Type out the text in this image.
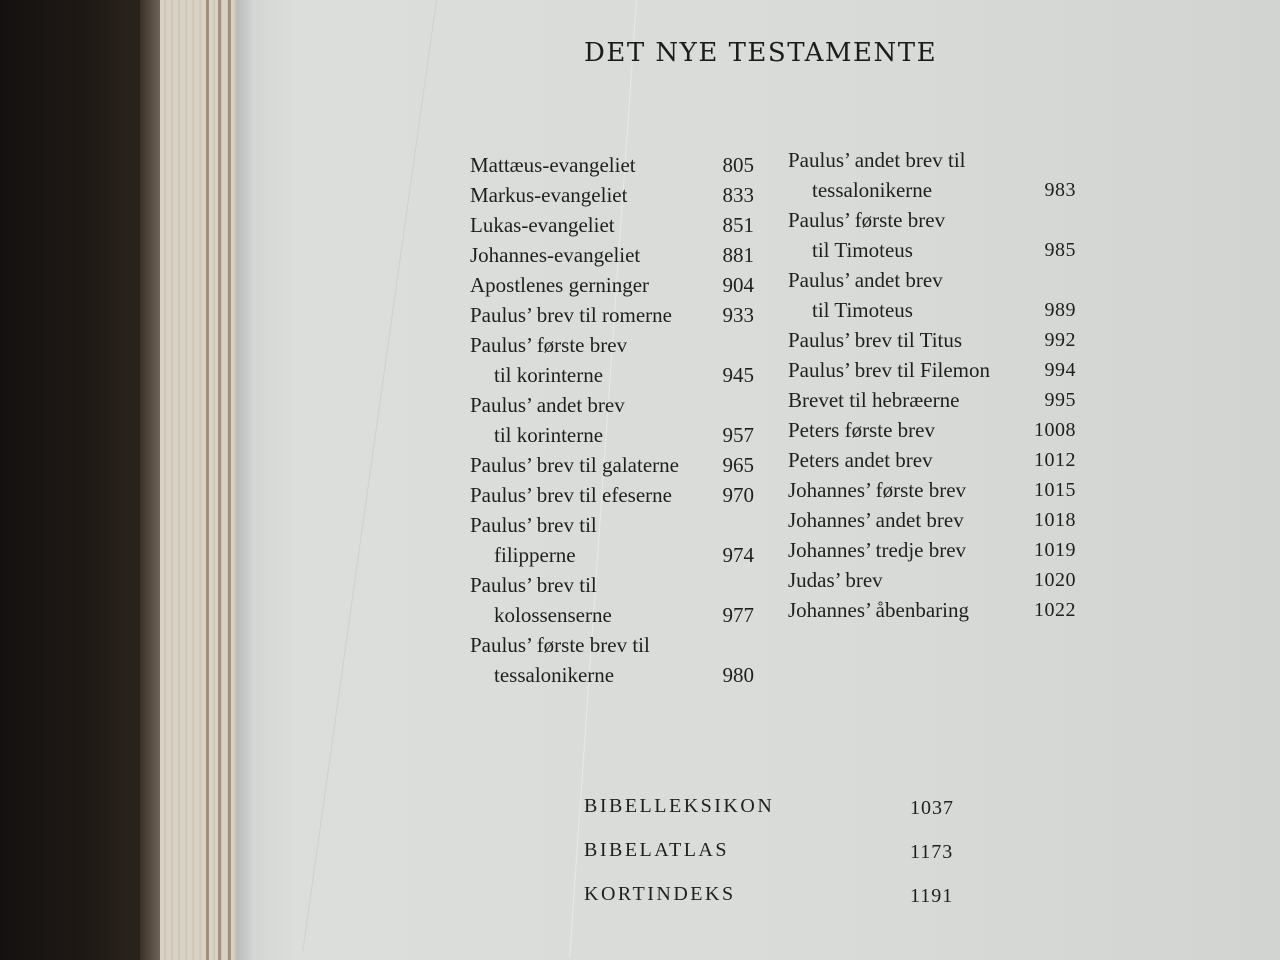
DET NYE TESTAMENTE
Mattæus-evangeliet	805
Markus-evangeliet	833
Lukas-evangeliet	851
Johannes-evangeliet	881
Apostlenes gerninger	904
Paulus’ brev til romerne 933
Paulus’ første brev
til korinterne	945
Paulus’ andet brev
til korinterne	957
Paulus’ brev til galaterne 965
Paulus’ brev til efeserne 970
Paulus’ brev til
filipperne	974
Paulus’ brev til
kolossenserne	977
Paulus’ første brev til
tessalonikerne	980
Paulus’ andet brev til
tessalonikerne	983
Paulus’ første brev
til Timoteus	985
Paulus’ andet brev
til Timoteus	989
Paulus’ brev til Titus	992
Paulus’ brev til Filemon	994
Brevet til hebræerne	995
Peters første brev	1008
Peters andet brev	1012
Johannes’ første brev	1015
Johannes’ andet brev	1018
Johannes’ tredje brev	1019
Judas’ brev	1020
Johannes’ åbenbaring	1022
BIBELLEKSIKON	1037
BIBELATLAS	1173
KORTINDEKS	1191
